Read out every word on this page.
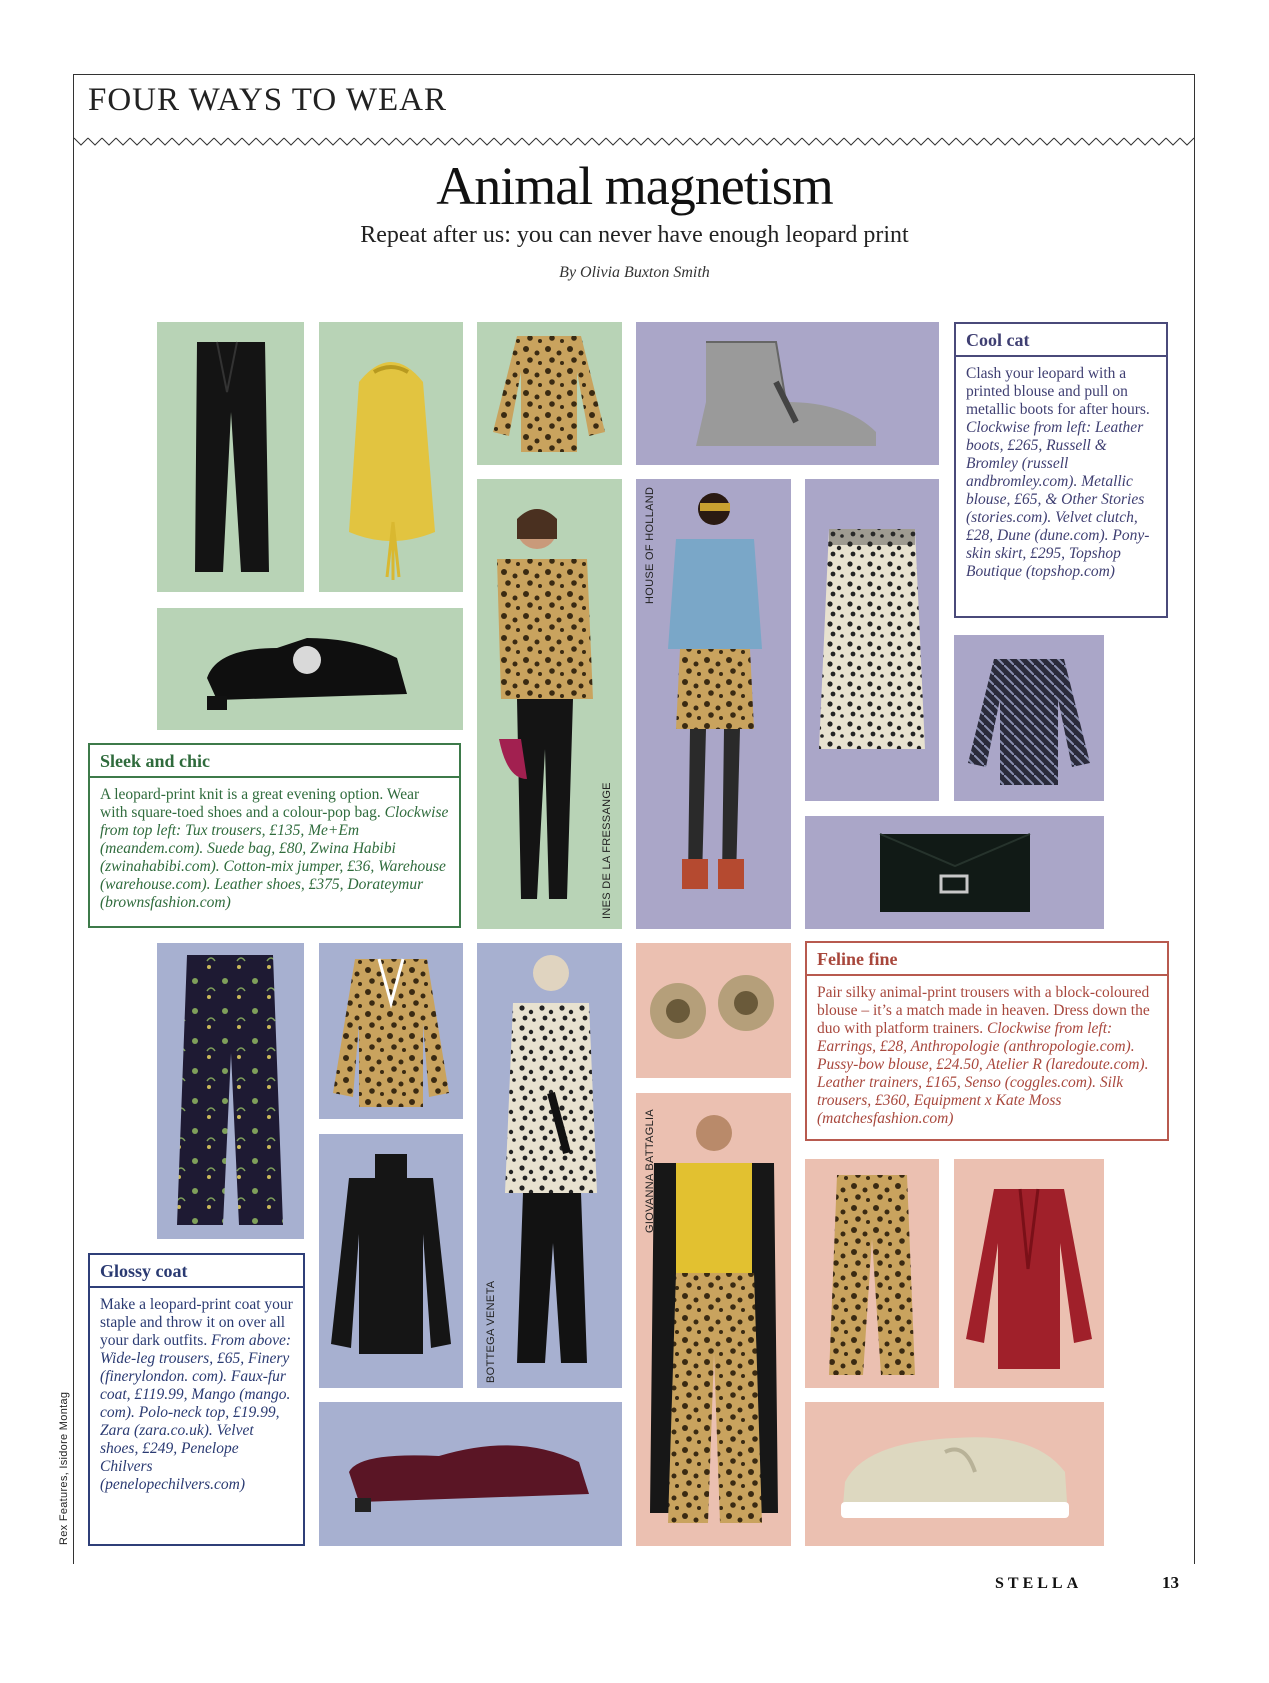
FOUR WAYS TO WEAR
Animal magnetism
Repeat after us: you can never have enough leopard print
By Olivia Buxton Smith
INES DE LA FRESSANGE
HOUSE OF HOLLAND
BOTTEGA VENETA
GIOVANNA BATTAGLIA
Cool cat
Clash your leopard with a printed blouse and pull on metallic boots for after hours. Clockwise from left: Leather boots, £265, Russell & Bromley (russell andbromley.com). Metallic blouse, £65, & Other Stories (stories.com). Velvet clutch, £28, Dune (dune.com). Pony-skin skirt, £295, Topshop Boutique (topshop.com)
Sleek and chic
A leopard-print knit is a great evening option. Wear with square-toed shoes and a colour-pop bag. Clockwise from top left: Tux trousers, £135, Me+Em (meandem.com). Suede bag, £80, Zwina Habibi (zwinahabibi.com). Cotton-mix jumper, £36, Warehouse (warehouse.com). Leather shoes, £375, Dorateymur (brownsfashion.com)
Feline fine
Pair silky animal-print trousers with a block-coloured blouse – it’s a match made in heaven. Dress down the duo with platform trainers. Clockwise from left: Earrings, £28, Anthropologie (anthropologie.com). Pussy-bow blouse, £24.50, Atelier R (laredoute.com). Leather trainers, £165, Senso (coggles.com). Silk trousers, £360, Equipment x Kate Moss (matchesfashion.com)
Glossy coat
Make a leopard-print coat your staple and throw it on over all your dark outfits. From above: Wide-leg trousers, £65, Finery (finerylondon. com). Faux-fur coat, £119.99, Mango (mango. com). Polo-neck top, £19.99, Zara (zara.co.uk). Velvet shoes, £249, Penelope Chilvers (penelopechilvers.com)
Rex Features, Isidore Montag
STELLA	13
